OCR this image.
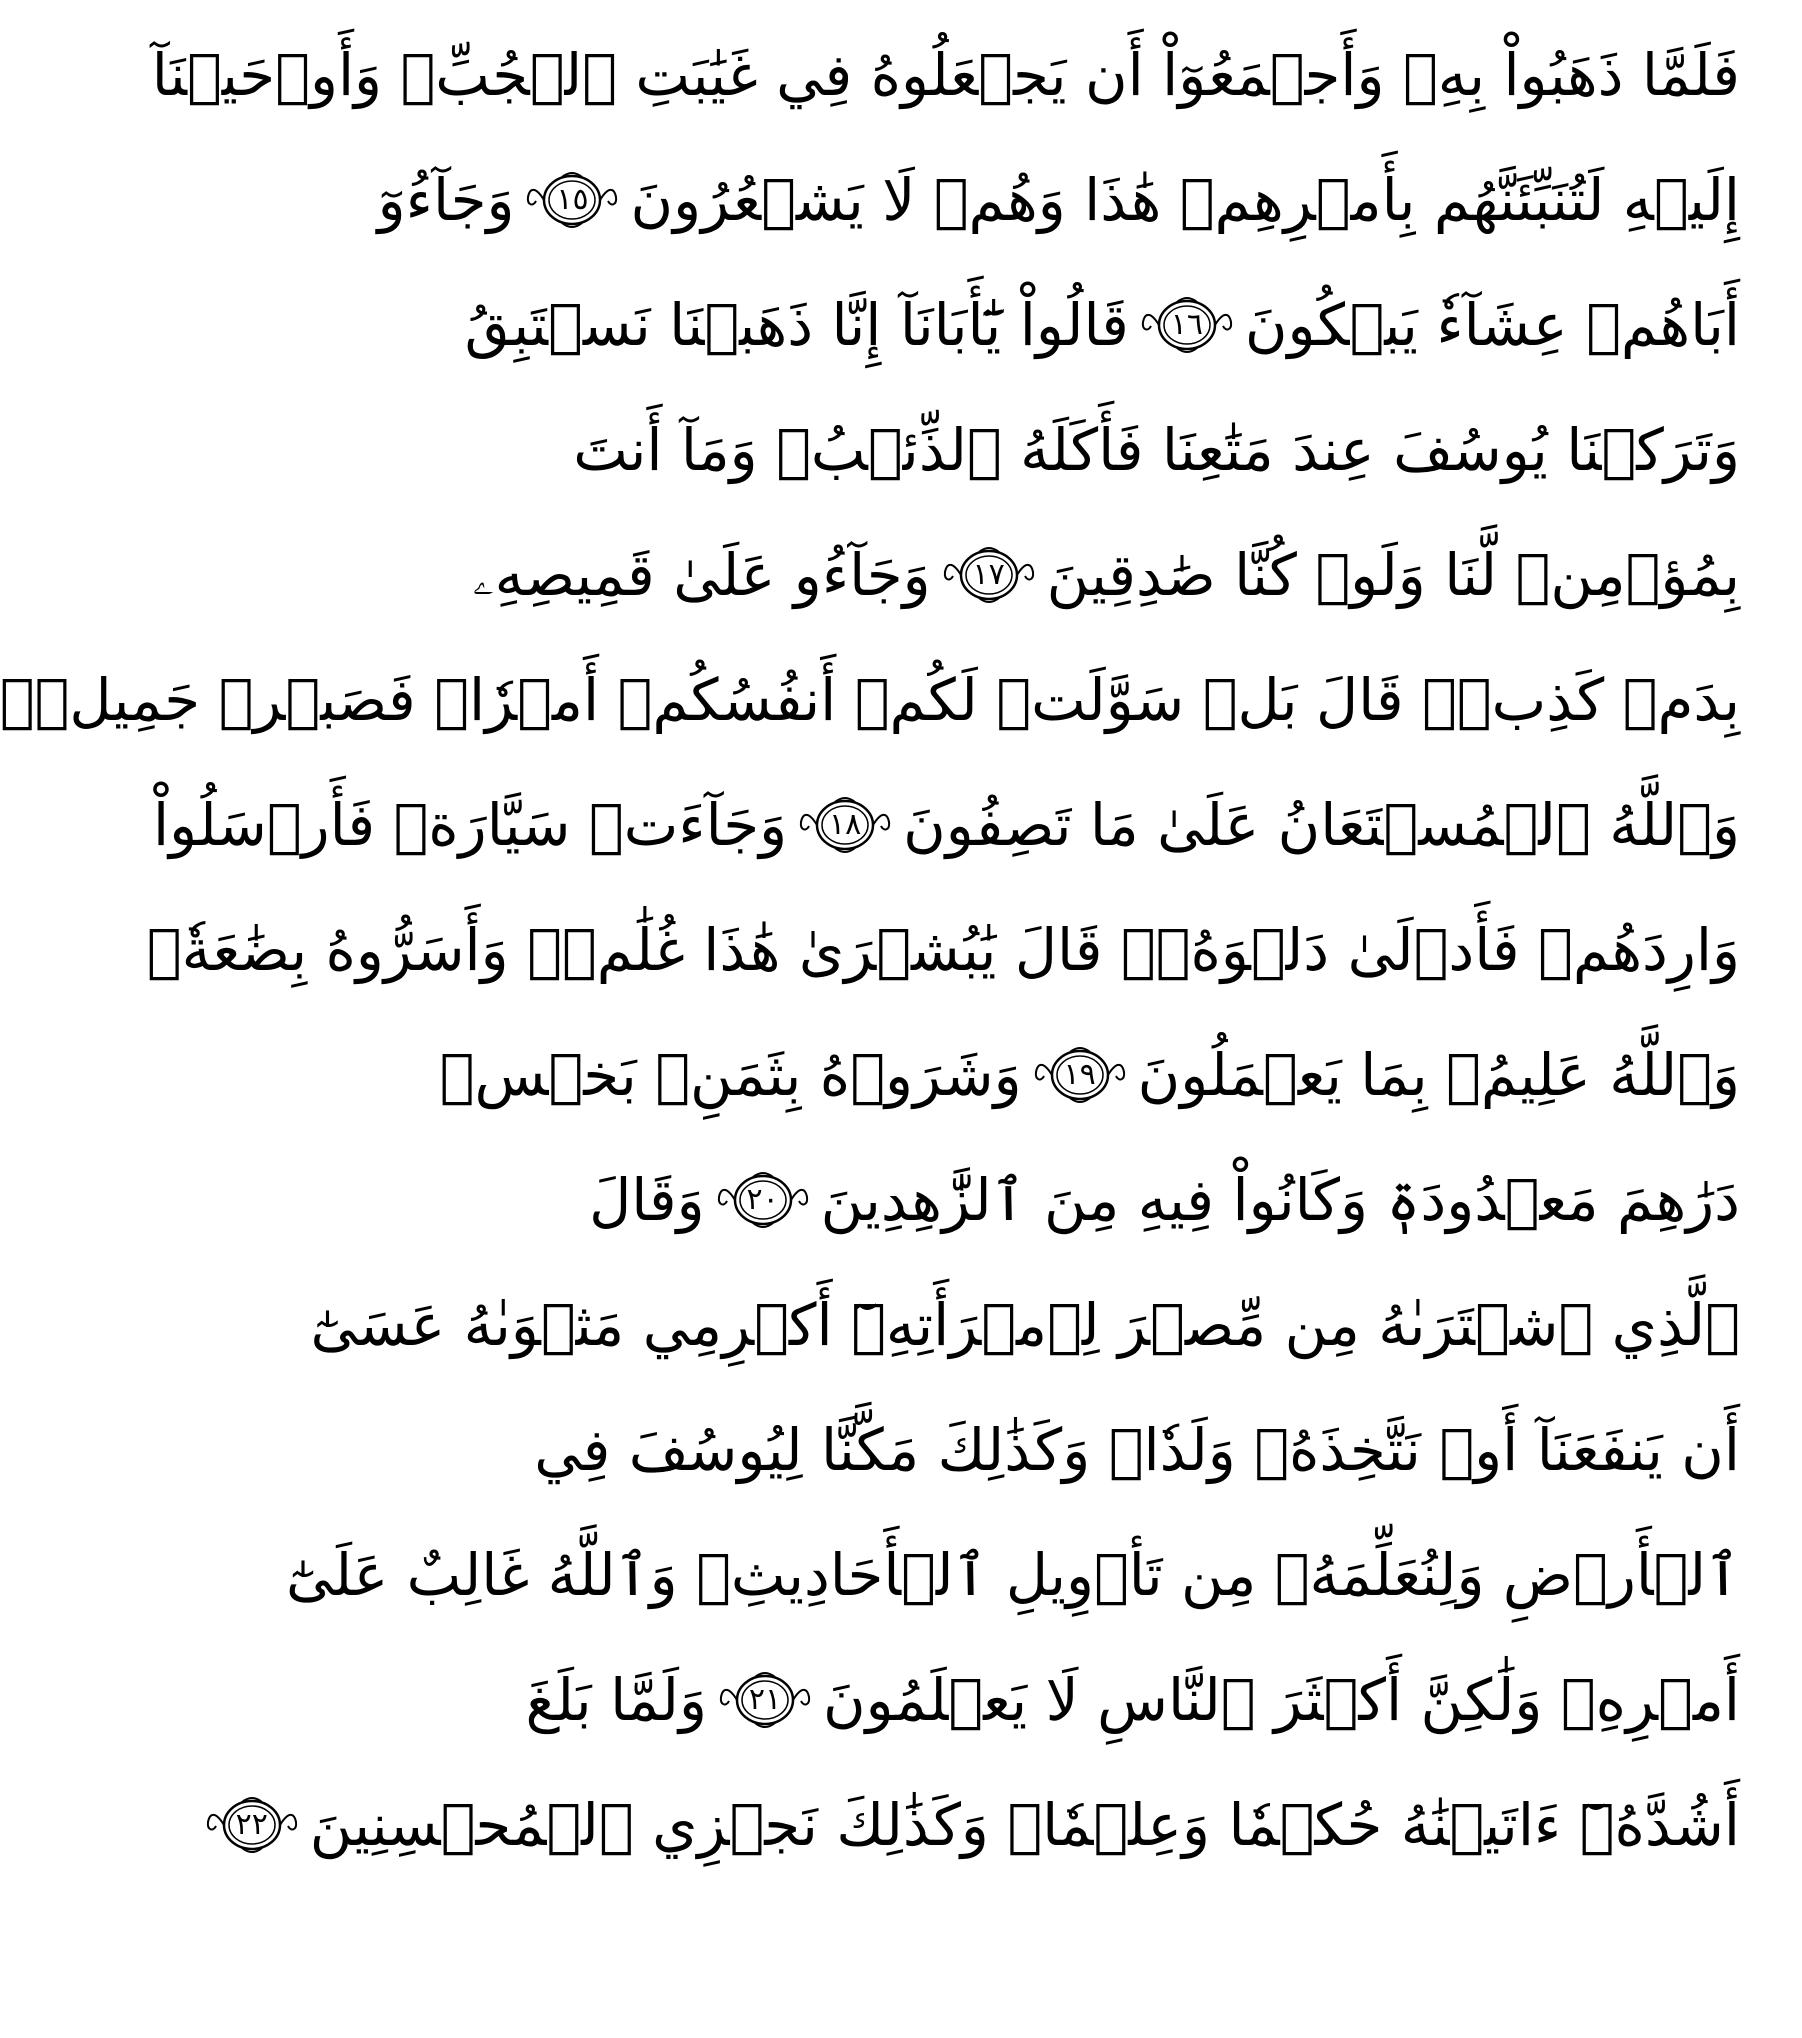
فَلَمَّا ذَهَبُواْ بِهِۦ وَأَجۡمَعُوٓاْ أَن يَجۡعَلُوهُ فِي غَيَٰبَتِ ٱلۡجُبِّۚ وَأَوۡحَيۡنَآ
إِلَيۡهِ لَتُنَبِّئَنَّهُم بِأَمۡرِهِمۡ هَٰذَا وَهُمۡ لَا يَشۡعُرُونَ
١٥
وَجَآءُوٓ
أَبَاهُمۡ عِشَآءٗ يَبۡكُونَ
١٦
قَالُواْ يَٰٓأَبَانَآ إِنَّا ذَهَبۡنَا نَسۡتَبِقُ
وَتَرَكۡنَا يُوسُفَ عِندَ مَتَٰعِنَا فَأَكَلَهُ ٱلذِّئۡبُۖ وَمَآ أَنتَ
بِمُؤۡمِنٖ لَّنَا وَلَوۡ كُنَّا صَٰدِقِينَ
١٧
وَجَآءُو عَلَىٰ قَمِيصِهِۦ
بِدَمٖ كَذِبٖۚ قَالَ بَلۡ سَوَّلَتۡ لَكُمۡ أَنفُسُكُمۡ أَمۡرٗاۖ فَصَبۡرٞ جَمِيلٞۖ
وَٱللَّهُ ٱلۡمُسۡتَعَانُ عَلَىٰ مَا تَصِفُونَ
١٨
وَجَآءَتۡ سَيَّارَةٞ فَأَرۡسَلُواْ
وَارِدَهُمۡ فَأَدۡلَىٰ دَلۡوَهُۥۖ قَالَ يَٰبُشۡرَىٰ هَٰذَا غُلَٰمٞۚ وَأَسَرُّوهُ بِضَٰعَةٗۚ
وَٱللَّهُ عَلِيمُۢ بِمَا يَعۡمَلُونَ
١٩
وَشَرَوۡهُ بِثَمَنِۭ بَخۡسٖ
دَرَٰهِمَ مَعۡدُودَةٖ وَكَانُواْ فِيهِ مِنَ ٱلزَّٰهِدِينَ
٢٠
وَقَالَ
ٱلَّذِي ٱشۡتَرَىٰهُ مِن مِّصۡرَ لِٱمۡرَأَتِهِۦٓ أَكۡرِمِي مَثۡوَىٰهُ عَسَىٰٓ
أَن يَنفَعَنَآ أَوۡ نَتَّخِذَهُۥ وَلَدٗاۚ وَكَذَٰلِكَ مَكَّنَّا لِيُوسُفَ فِي
ٱلۡأَرۡضِ وَلِنُعَلِّمَهُۥ مِن تَأۡوِيلِ ٱلۡأَحَادِيثِۚ وَٱللَّهُ غَالِبٌ عَلَىٰٓ
أَمۡرِهِۦ وَلَٰكِنَّ أَكۡثَرَ ٱلنَّاسِ لَا يَعۡلَمُونَ
٢١
وَلَمَّا بَلَغَ
أَشُدَّهُۥٓ ءَاتَيۡنَٰهُ حُكۡمٗا وَعِلۡمٗاۚ وَكَذَٰلِكَ نَجۡزِي ٱلۡمُحۡسِنِينَ
٢٢
